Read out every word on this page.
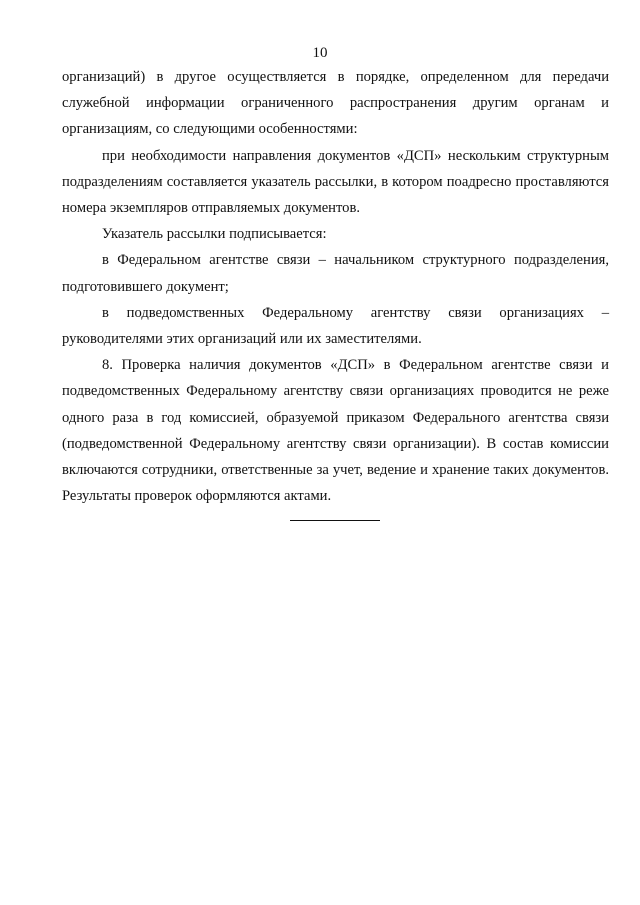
10

организаций) в другое осуществляется в порядке, определенном для передачи служебной информации ограниченного распространения другим органам и организациям, со следующими особенностями:

при необходимости направления документов «ДСП» нескольким структурным подразделениям составляется указатель рассылки, в котором поадресно проставляются номера экземпляров отправляемых документов.

Указатель рассылки подписывается:

в Федеральном агентстве связи – начальником структурного подразделения, подготовившего документ;

в подведомственных Федеральному агентству связи организациях – руководителями этих организаций или их заместителями.

8. Проверка наличия документов «ДСП» в Федеральном агентстве связи и подведомственных Федеральному агентству связи организациях проводится не реже одного раза в год комиссией, образуемой приказом Федерального агентства связи (подведомственной Федеральному агентству связи организации). В состав комиссии включаются сотрудники, ответственные за учет, ведение и хранение таких документов. Результаты проверок оформляются актами.
